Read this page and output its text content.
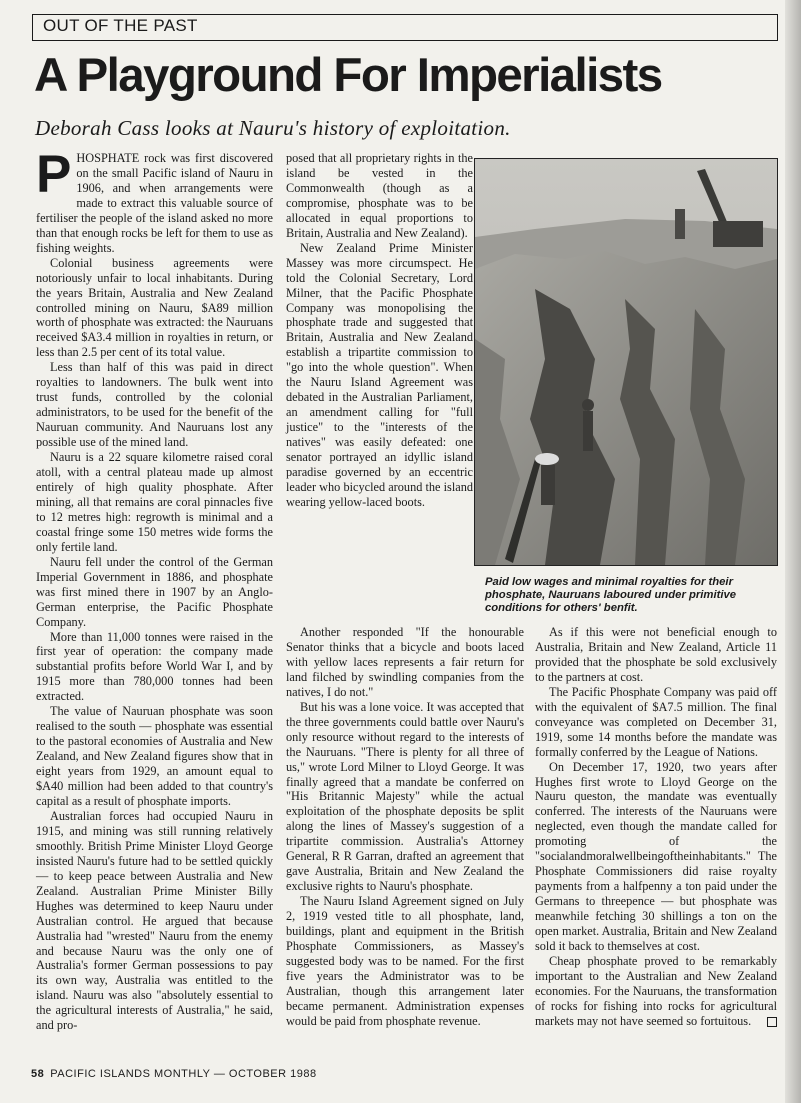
OUT OF THE PAST
A Playground For Imperialists
Deborah Cass looks at Nauru's history of exploitation.

PHOSPHATE rock was first discovered on the small Pacific island of Nauru in 1906, and when arrangements were made to extract this valuable source of fertiliser the people of the island asked no more than that enough rocks be left for them to use as fishing weights.

Colonial business agreements were notoriously unfair to local inhabitants. During the years Britain, Australia and New Zealand controlled mining on Nauru, $A89 million worth of phosphate was extracted: the Nauruans received $A3.4 million in royalties in return, or less than 2.5 per cent of its total value.

Less than half of this was paid in direct royalties to landowners. The bulk went into trust funds, controlled by the colonial administrators, to be used for the benefit of the Nauruan community. And Nauruans lost any possible use of the mined land.

Nauru is a 22 square kilometre raised coral atoll, with a central plateau made up almost entirely of high quality phosphate. After mining, all that remains are coral pinnacles five to 12 metres high: regrowth is minimal and a coastal fringe some 150 metres wide forms the only fertile land.

Nauru fell under the control of the German Imperial Government in 1886, and phosphate was first mined there in 1907 by an Anglo-German enterprise, the Pacific Phosphate Company.

More than 11,000 tonnes were raised in the first year of operation: the company made substantial profits before World War I, and by 1915 more than 780,000 tonnes had been extracted.

The value of Nauruan phosphate was soon realised to the south — phosphate was essential to the pastoral economies of Australia and New Zealand, and New Zealand figures show that in eight years from 1929, an amount equal to $A40 million had been added to that country's capital as a result of phosphate imports.

Australian forces had occupied Nauru in 1915, and mining was still running relatively smoothly. British Prime Minister Lloyd George insisted Nauru's future had to be settled quickly — to keep peace between Australia and New Zealand. Australian Prime Minister Billy Hughes was determined to keep Nauru under Australian control. He argued that because Australia had "wrested" Nauru from the enemy and because Nauru was the only one of Australia's former German possessions to pay its own way, Australia was entitled to the island. Nauru was also "absolutely essential to the agricultural interests of Australia," he said, and pro-

posed that all proprietary rights in the island be vested in the Commonwealth (though as a compromise, phosphate was to be allocated in equal proportions to Britain, Australia and New Zealand).

New Zealand Prime Minister Massey was more circumspect. He told the Colonial Secretary, Lord Milner, that the Pacific Phosphate Company was monopolising the phosphate trade and suggested that Britain, Australia and New Zealand establish a tripartite commission to "go into the whole question". When the Nauru Island Agreement was debated in the Australian Parliament, an amendment calling for "full justice" to the "interests of the natives" was easily defeated: one senator portrayed an idyllic island paradise governed by an eccentric leader who bicycled around the island wearing yellow-laced boots.

Paid low wages and minimal royalties for their phosphate, Nauruans laboured under primitive conditions for others' benfit.

Another responded "If the honourable Senator thinks that a bicycle and boots laced with yellow laces represents a fair return for land filched by swindling companies from the natives, I do not."

But his was a lone voice. It was accepted that the three governments could battle over Nauru's only resource without regard to the interests of the Nauruans. "There is plenty for all three of us," wrote Lord Milner to Lloyd George. It was finally agreed that a mandate be conferred on "His Britannic Majesty" while the actual exploitation of the phosphate deposits be split along the lines of Massey's suggestion of a tripartite commission. Australia's Attorney General, R R Garran, drafted an agreement that gave Australia, Britain and New Zealand the exclusive rights to Nauru's phosphate.

The Nauru Island Agreement signed on July 2, 1919 vested title to all phosphate, land, buildings, plant and equipment in the British Phosphate Commissioners, as Massey's suggested body was to be named. For the first five years the Administrator was to be Australian, though this arrangement later became permanent. Administration expenses would be paid from phosphate revenue.

As if this were not beneficial enough to Australia, Britain and New Zealand, Article 11 provided that the phosphate be sold exclusively to the partners at cost.

The Pacific Phosphate Company was paid off with the equivalent of $A7.5 million. The final conveyance was completed on December 31, 1919, some 14 months before the mandate was formally conferred by the League of Nations.

On December 17, 1920, two years after Hughes first wrote to Lloyd George on the Nauru queston, the mandate was eventually conferred. The interests of the Nauruans were neglected, even though the mandate called for promoting of the "socialandmoralwellbeingoftheinhabitants." The Phosphate Commissioners did raise royalty payments from a halfpenny a ton paid under the Germans to threepence — but phosphate was meanwhile fetching 30 shillings a ton on the open market. Australia, Britain and New Zealand sold it back to themselves at cost.

Cheap phosphate proved to be remarkably important to the Australian and New Zealand economies. For the Nauruans, the transformation of rocks for fishing into rocks for agricultural markets may not have seemed so fortuitous.

58 PACIFIC ISLANDS MONTHLY — OCTOBER 1988
